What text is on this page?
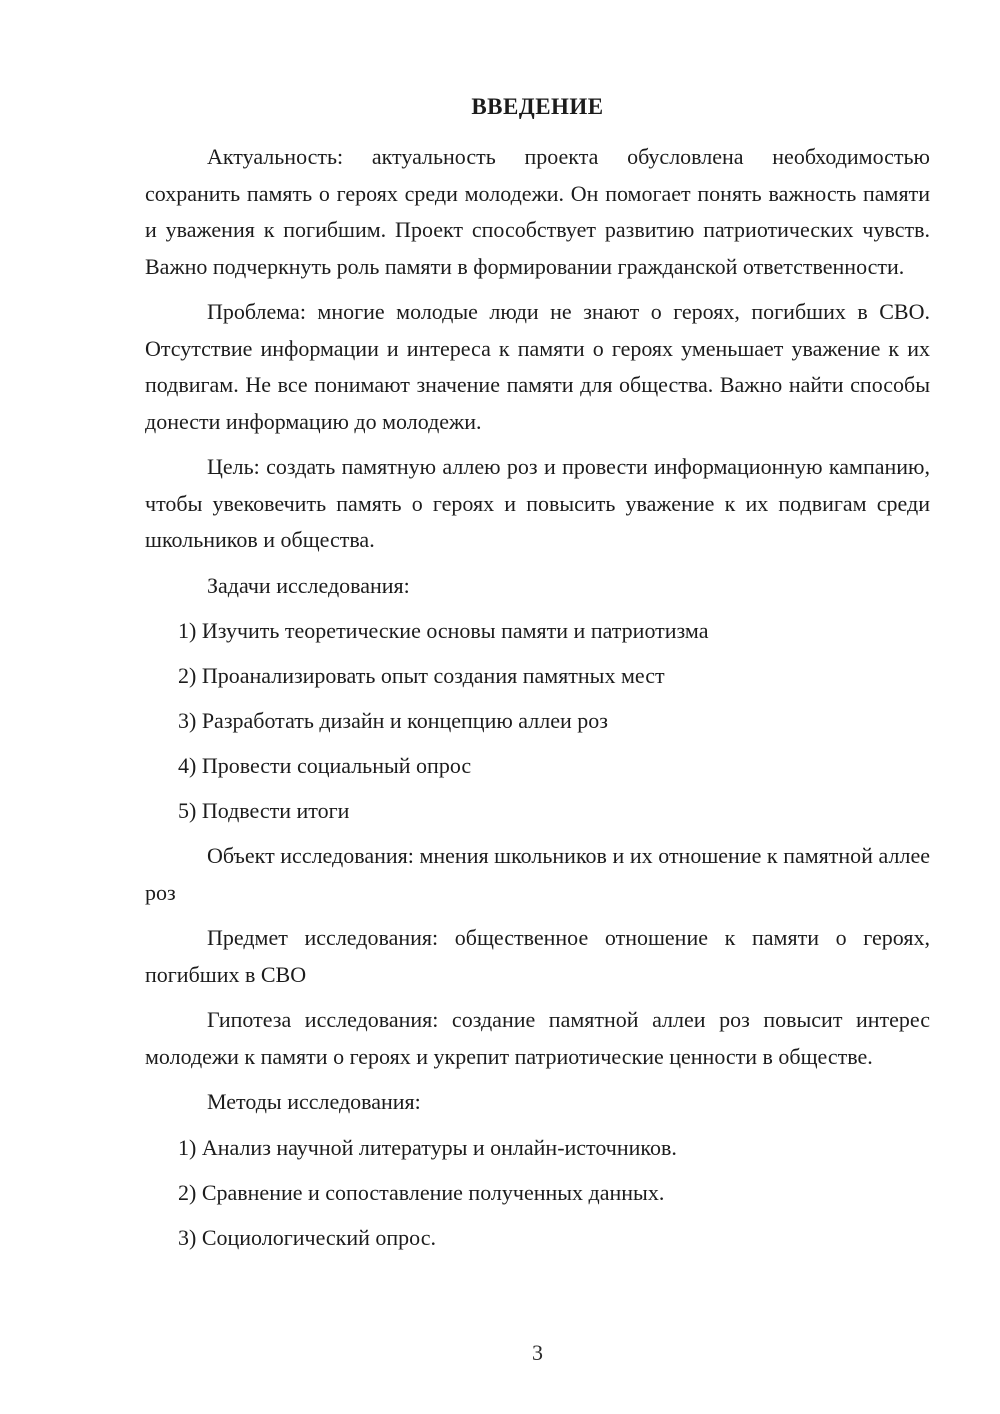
ВВЕДЕНИЕ

Актуальность: актуальность проекта обусловлена необходимостью сохранить память о героях среди молодежи. Он помогает понять важность памяти и уважения к погибшим. Проект способствует развитию патриотических чувств. Важно подчеркнуть роль памяти в формировании гражданской ответственности.

Проблема: многие молодые люди не знают о героях, погибших в СВО. Отсутствие информации и интереса к памяти о героях уменьшает уважение к их подвигам. Не все понимают значение памяти для общества. Важно найти способы донести информацию до молодежи.

Цель: создать памятную аллею роз и провести информационную кампанию, чтобы увековечить память о героях и повысить уважение к их подвигам среди школьников и общества.

Задачи исследования:

1) Изучить теоретические основы памяти и патриотизма

2) Проанализировать опыт создания памятных мест

3) Разработать дизайн и концепцию аллеи роз

4) Провести социальный опрос

5) Подвести итоги

Объект исследования: мнения школьников и их отношение к памятной аллее роз

Предмет исследования: общественное отношение к памяти о героях, погибших в СВО

Гипотеза исследования: создание памятной аллеи роз повысит интерес молодежи к памяти о героях и укрепит патриотические ценности в обществе.

Методы исследования:

1) Анализ научной литературы и онлайн-источников.

2) Сравнение и сопоставление полученных данных.

3) Социологический опрос.

3
